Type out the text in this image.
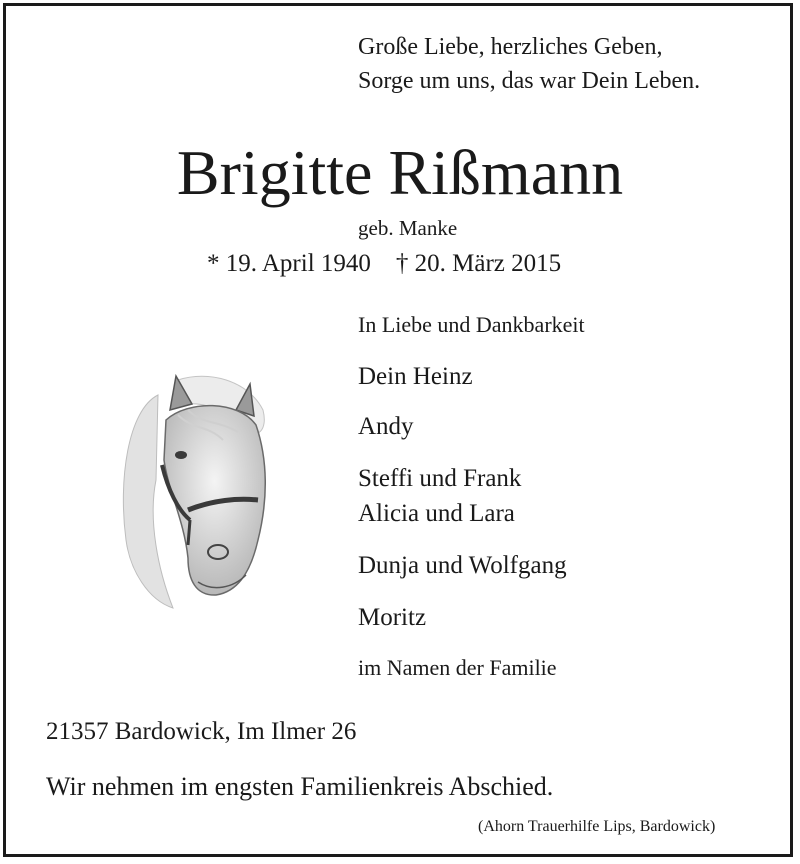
Große Liebe, herzliches Geben,
Sorge um uns, das war Dein Leben.
Brigitte Rißmann
geb. Manke
* 19. April 1940    † 20. März 2015
In Liebe und Dankbarkeit
Dein Heinz
Andy
Steffi und Frank
Alicia und Lara
Dunja und Wolfgang
Moritz
im Namen der Familie
21357 Bardowick, Im Ilmer 26
Wir nehmen im engsten Familienkreis Abschied.
(Ahorn Trauerhilfe Lips, Bardowick)
